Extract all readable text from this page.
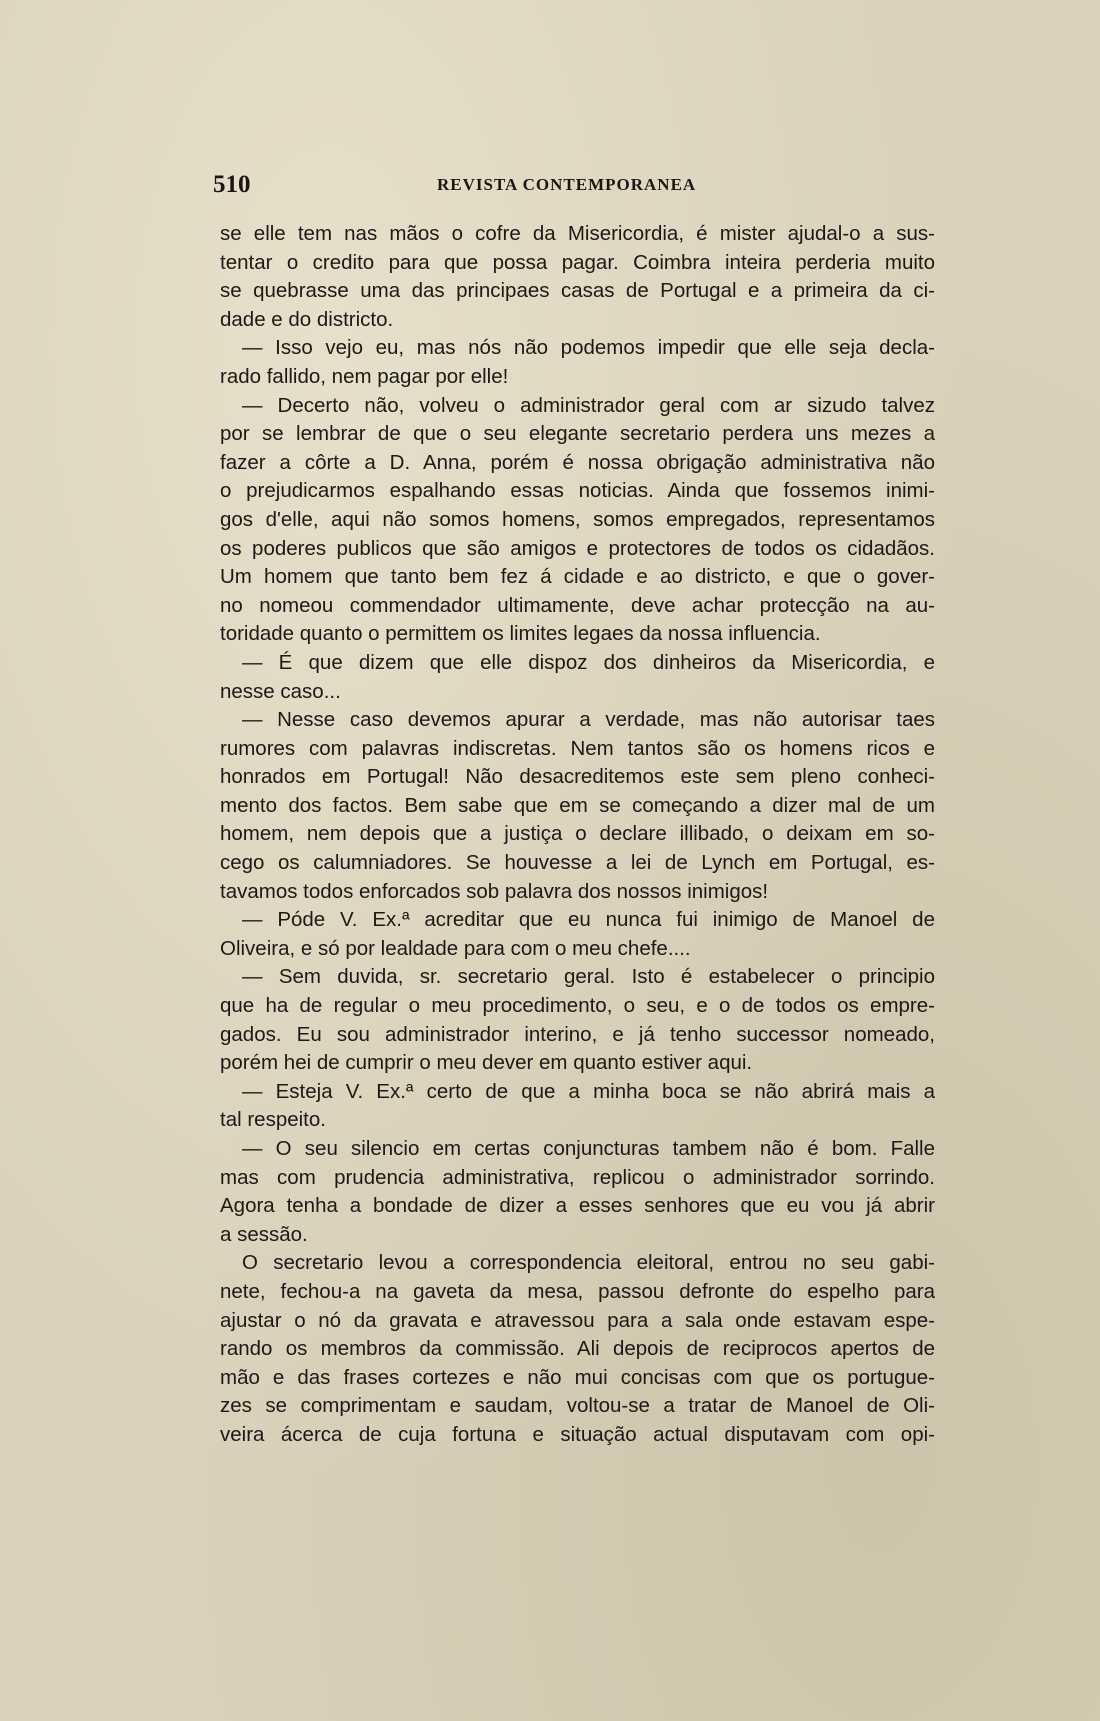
510	REVISTA CONTEMPORANEA
se elle tem nas mãos o cofre da Misericordia, é mister ajudal-o a sus-
tentar o credito para que possa pagar. Coimbra inteira perderia muito
se quebrasse uma das principaes casas de Portugal e a primeira da ci-
dade e do districto.
— Isso vejo eu, mas nós não podemos impedir que elle seja decla-
rado fallido, nem pagar por elle!
— Decerto não, volveu o administrador geral com ar sizudo talvez
por se lembrar de que o seu elegante secretario perdera uns mezes a
fazer a côrte a D. Anna, porém é nossa obrigação administrativa não
o prejudicarmos espalhando essas noticias. Ainda que fossemos inimi-
gos d'elle, aqui não somos homens, somos empregados, representamos
os poderes publicos que são amigos e protectores de todos os cidadãos.
Um homem que tanto bem fez á cidade e ao districto, e que o gover-
no nomeou commendador ultimamente, deve achar protecção na au-
toridade quanto o permittem os limites legaes da nossa influencia.
— É que dizem que elle dispoz dos dinheiros da Misericordia, e
nesse caso...
— Nesse caso devemos apurar a verdade, mas não autorisar taes
rumores com palavras indiscretas. Nem tantos são os homens ricos e
honrados em Portugal! Não desacreditemos este sem pleno conheci-
mento dos factos. Bem sabe que em se começando a dizer mal de um
homem, nem depois que a justiça o declare illibado, o deixam em so-
cego os calumniadores. Se houvesse a lei de Lynch em Portugal, es-
tavamos todos enforcados sob palavra dos nossos inimigos!
— Póde V. Ex.ª acreditar que eu nunca fui inimigo de Manoel de
Oliveira, e só por lealdade para com o meu chefe....
— Sem duvida, sr. secretario geral. Isto é estabelecer o principio
que ha de regular o meu procedimento, o seu, e o de todos os empre-
gados. Eu sou administrador interino, e já tenho successor nomeado,
porém hei de cumprir o meu dever em quanto estiver aqui.
— Esteja V. Ex.ª certo de que a minha boca se não abrirá mais a
tal respeito.
— O seu silencio em certas conjuncturas tambem não é bom. Falle
mas com prudencia administrativa, replicou o administrador sorrindo.
Agora tenha a bondade de dizer a esses senhores que eu vou já abrir
a sessão.
O secretario levou a correspondencia eleitoral, entrou no seu gabi-
nete, fechou-a na gaveta da mesa, passou defronte do espelho para
ajustar o nó da gravata e atravessou para a sala onde estavam espe-
rando os membros da commissão. Ali depois de reciprocos apertos de
mão e das frases cortezes e não mui concisas com que os portugue-
zes se comprimentam e saudam, voltou-se a tratar de Manoel de Oli-
veira ácerca de cuja fortuna e situação actual disputavam com opi-
